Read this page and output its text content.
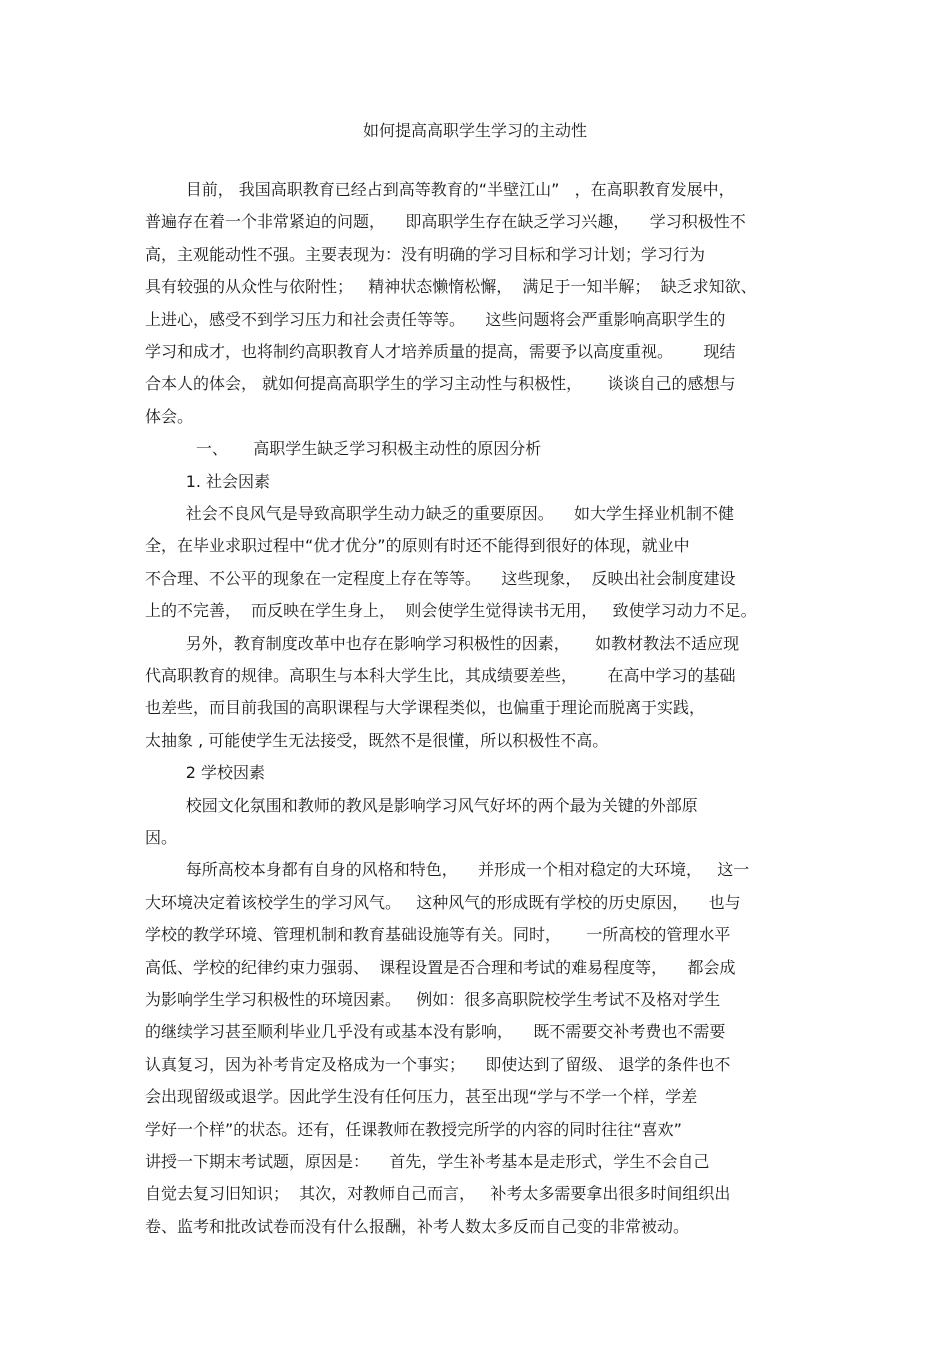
如何提高高职学生学习的主动性
目前， 我国高职教育已经占到高等教育的“半壁江山”   ，在高职教育发展中，
普遍存在着一个非常紧迫的问题，    即高职学生存在缺乏学习兴趣，    学习积极性不
高，主观能动性不强。主要表现为：没有明确的学习目标和学习计划；学习行为
具有较强的从众性与依附性；   精神状态懒惰松懈，  满足于一知半解；  缺乏求知欲、
上进心，感受不到学习压力和社会责任等等。    这些问题将会严重影响高职学生的
学习和成才，也将制约高职教育人才培养质量的提高，需要予以高度重视。      现结
合本人的体会， 就如何提高高职学生的学习主动性与积极性，     谈谈自己的感想与
体会。
一、     高职学生缺乏学习积极主动性的原因分析
1. 社会因素
社会不良风气是导致高职学生动力缺乏的重要原因。    如大学生择业机制不健
全，在毕业求职过程中“优才优分”的原则有时还不能得到很好的体现，就业中
不合理、不公平的现象在一定程度上存在等等。    这些现象，  反映出社会制度建设
上的不完善，  而反映在学生身上，  则会使学生觉得读书无用，   致使学习动力不足。
另外，教育制度改革中也存在影响学习积极性的因素，     如教材教法不适应现
代高职教育的规律。高职生与本科大学生比，其成绩要差些，      在高中学习的基础
也差些，而目前我国的高职课程与大学课程类似，也偏重于理论而脱离于实践，
太抽象 , 可能使学生无法接受，既然不是很懂，所以积极性不高。
2 学校因素
校园文化氛围和教师的教风是影响学习风气好坏的两个最为关键的外部原
因。
每所高校本身都有自身的风格和特色，    并形成一个相对稳定的大环境，   这一
大环境决定着该校学生的学习风气。   这种风气的形成既有学校的历史原因，    也与
学校的教学环境、管理机制和教育基础设施等有关。同时，     一所高校的管理水平
高低、学校的纪律约束力强弱、  课程设置是否合理和考试的难易程度等，    都会成
为影响学生学习积极性的环境因素。   例如：很多高职院校学生考试不及格对学生
的继续学习甚至顺利毕业几乎没有或基本没有影响，    既不需要交补考费也不需要
认真复习，因为补考肯定及格成为一个事实；    即使达到了留级、 退学的条件也不
会出现留级或退学。因此学生没有任何压力，甚至出现“学与不学一个样，学差
学好一个样”的状态。还有，任课教师在教授完所学的内容的同时往往“喜欢”
讲授一下期末考试题，原因是：    首先，学生补考基本是走形式，学生不会自己
自觉去复习旧知识；  其次，对教师自己而言，   补考太多需要拿出很多时间组织出
卷、监考和批改试卷而没有什么报酬，补考人数太多反而自己变的非常被动。
